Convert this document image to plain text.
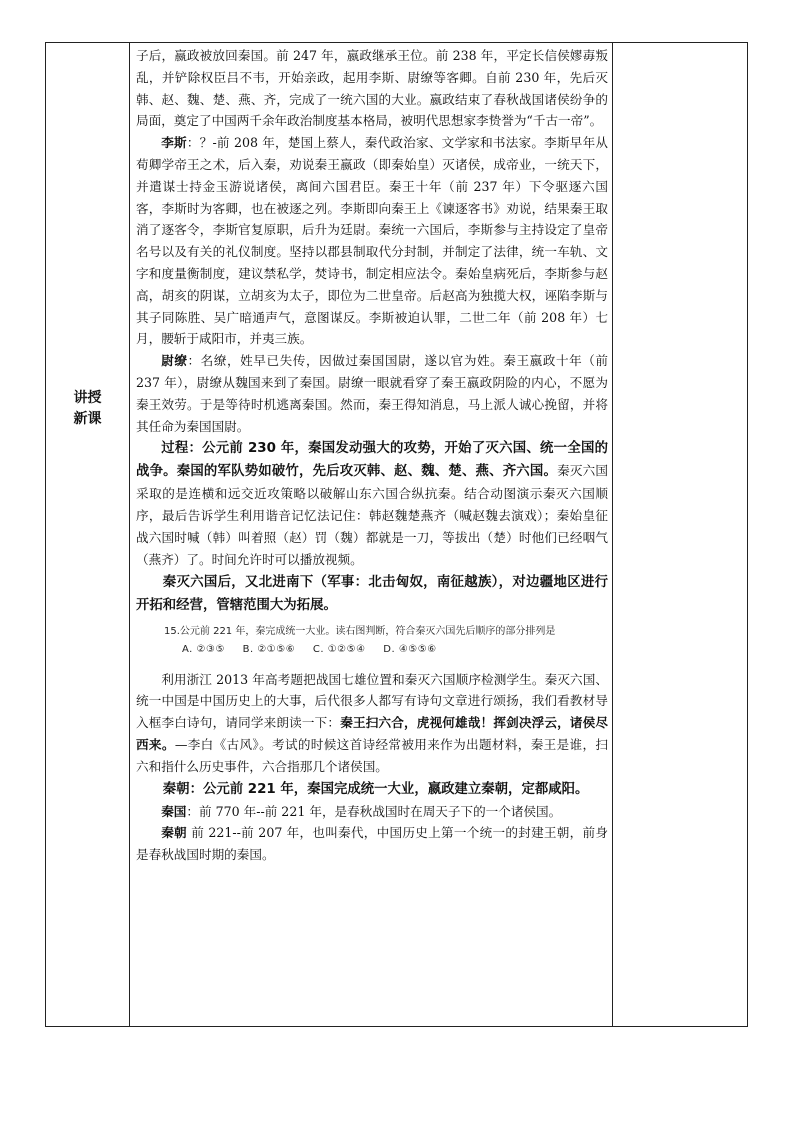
讲授
新课

子后，嬴政被放回秦国。前 247 年，嬴政继承王位。前 238 年，平定长信侯嫪毐叛乱，并铲除权臣吕不韦，开始亲政，起用李斯、尉缭等客卿。自前 230 年，先后灭韩、赵、魏、楚、燕、齐，完成了一统六国的大业。嬴政结束了春秋战国诸侯纷争的局面，奠定了中国两千余年政治制度基本格局，被明代思想家李贽誉为“千古一帝”。

李斯：？-前 208 年，楚国上蔡人，秦代政治家、文学家和书法家。李斯早年从荀卿学帝王之术，后入秦，劝说秦王嬴政（即秦始皇）灭诸侯，成帝业，一统天下，并遣谋士持金玉游说诸侯，离间六国君臣。秦王十年（前 237 年）下令驱逐六国客，李斯时为客卿，也在被逐之列。李斯即向秦王上《谏逐客书》劝说，结果秦王取消了逐客令，李斯官复原职，后升为廷尉。秦统一六国后，李斯参与主持设定了皇帝名号以及有关的礼仪制度。坚持以郡县制取代分封制，并制定了法律，统一车轨、文字和度量衡制度，建议禁私学，焚诗书，制定相应法令。秦始皇病死后，李斯参与赵高，胡亥的阴谋，立胡亥为太子，即位为二世皇帝。后赵高为独揽大权，诬陷李斯与其子同陈胜、吴广暗通声气，意图谋反。李斯被迫认罪，二世二年（前 208 年）七月，腰斩于咸阳市，并夷三族。

尉缭：名缭，姓早已失传，因做过秦国国尉，遂以官为姓。秦王嬴政十年（前 237 年），尉缭从魏国来到了秦国。尉缭一眼就看穿了秦王嬴政阴险的内心，不愿为秦王效劳。于是等待时机逃离秦国。然而，秦王得知消息，马上派人诚心挽留，并将其任命为秦国国尉。

过程：公元前 230 年，秦国发动强大的攻势，开始了灭六国、统一全国的战争。秦国的军队势如破竹，先后攻灭韩、赵、魏、楚、燕、齐六国。秦灭六国采取的是连横和远交近攻策略以破解山东六国合纵抗秦。结合动图演示秦灭六国顺序，最后告诉学生利用谐音记忆法记住：韩赵魏楚燕齐（喊赵魏去演戏）；秦始皇征战六国时喊（韩）叫着照（赵）罚（魏）都就是一刀，等拔出（楚）时他们已经咽气（燕齐）了。时间允许时可以播放视频。

秦灭六国后，又北进南下（军事：北击匈奴，南征越族），对边疆地区进行开拓和经营，管辖范围大为拓展。

15.公元前 221 年，秦完成统一大业。读右图判断，符合秦灭六国先后顺序的部分排列是
A. ②③⑤ B. ②①⑤⑥ C. ①②⑤④ D. ④⑤⑤⑥

利用浙江 2013 年高考题把战国七雄位置和秦灭六国顺序检测学生。秦灭六国、统一中国是中国历史上的大事，后代很多人都写有诗句文章进行颂扬，我们看教材导入框李白诗句，请同学来朗读一下：秦王扫六合，虎视何雄哉！挥剑决浮云，诸侯尽西来。—李白《古风》。考试的时候这首诗经常被用来作为出题材料，秦王是谁，扫六和指什么历史事件，六合指那几个诸侯国。

秦朝：公元前 221 年，秦国完成统一大业，嬴政建立秦朝，定都咸阳。

秦国：前 770 年--前 221 年，是春秋战国时在周天子下的一个诸侯国。

秦朝 前 221--前 207 年，也叫秦代，中国历史上第一个统一的封建王朝，前身是春秋战国时期的秦国。
